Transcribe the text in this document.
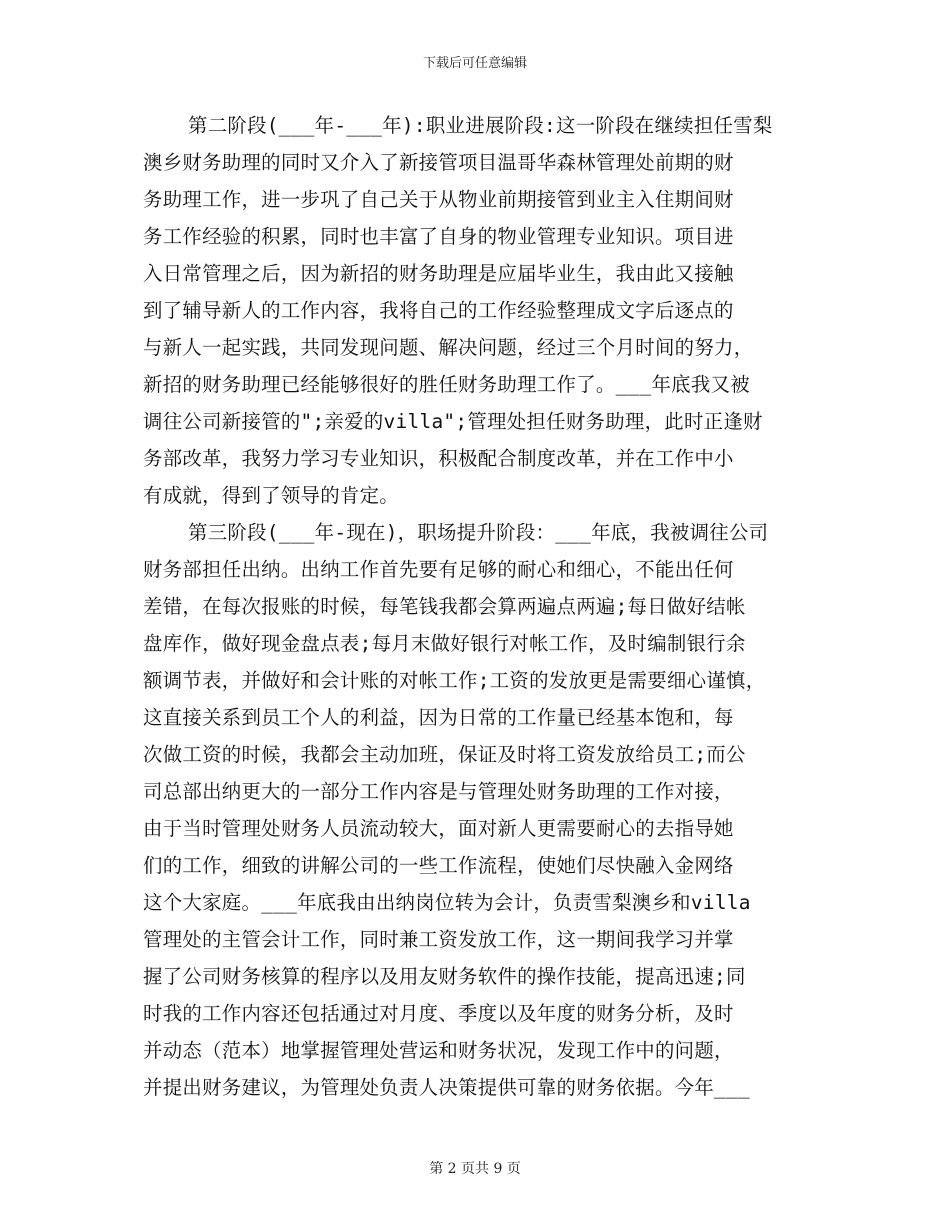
下载后可任意编辑
第二阶段(___年-___年):职业进展阶段:这一阶段在继续担任雪梨
澳乡财务助理的同时又介入了新接管项目温哥华森林管理处前期的财
务助理工作，进一步巩了自己关于从物业前期接管到业主入住期间财
务工作经验的积累，同时也丰富了自身的物业管理专业知识。项目进
入日常管理之后，因为新招的财务助理是应届毕业生，我由此又接触
到了辅导新人的工作内容，我将自己的工作经验整理成文字后逐点的
与新人一起实践，共同发现问题、解决问题，经过三个月时间的努力，
新招的财务助理已经能够很好的胜任财务助理工作了。___年底我又被
调往公司新接管的";亲爱的villa";管理处担任财务助理，此时正逢财
务部改革，我努力学习专业知识，积极配合制度改革，并在工作中小
有成就，得到了领导的肯定。
第三阶段(___年-现在)，职场提升阶段：___年底，我被调往公司
财务部担任出纳。出纳工作首先要有足够的耐心和细心，不能出任何
差错，在每次报账的时候，每笔钱我都会算两遍点两遍;每日做好结帐
盘库作，做好现金盘点表;每月末做好银行对帐工作，及时编制银行余
额调节表，并做好和会计账的对帐工作;工资的发放更是需要细心谨慎，
这直接关系到员工个人的利益，因为日常的工作量已经基本饱和，每
次做工资的时候，我都会主动加班，保证及时将工资发放给员工;而公
司总部出纳更大的一部分工作内容是与管理处财务助理的工作对接，
由于当时管理处财务人员流动较大，面对新人更需要耐心的去指导她
们的工作，细致的讲解公司的一些工作流程，使她们尽快融入金网络
这个大家庭。___年底我由出纳岗位转为会计，负责雪梨澳乡和villa
管理处的主管会计工作，同时兼工资发放工作，这一期间我学习并掌
握了公司财务核算的程序以及用友财务软件的操作技能，提高迅速;同
时我的工作内容还包括通过对月度、季度以及年度的财务分析，及时
并动态（范本）地掌握管理处营运和财务状况，发现工作中的问题，
并提出财务建议，为管理处负责人决策提供可靠的财务依据。今年___
第 2 页共 9 页
